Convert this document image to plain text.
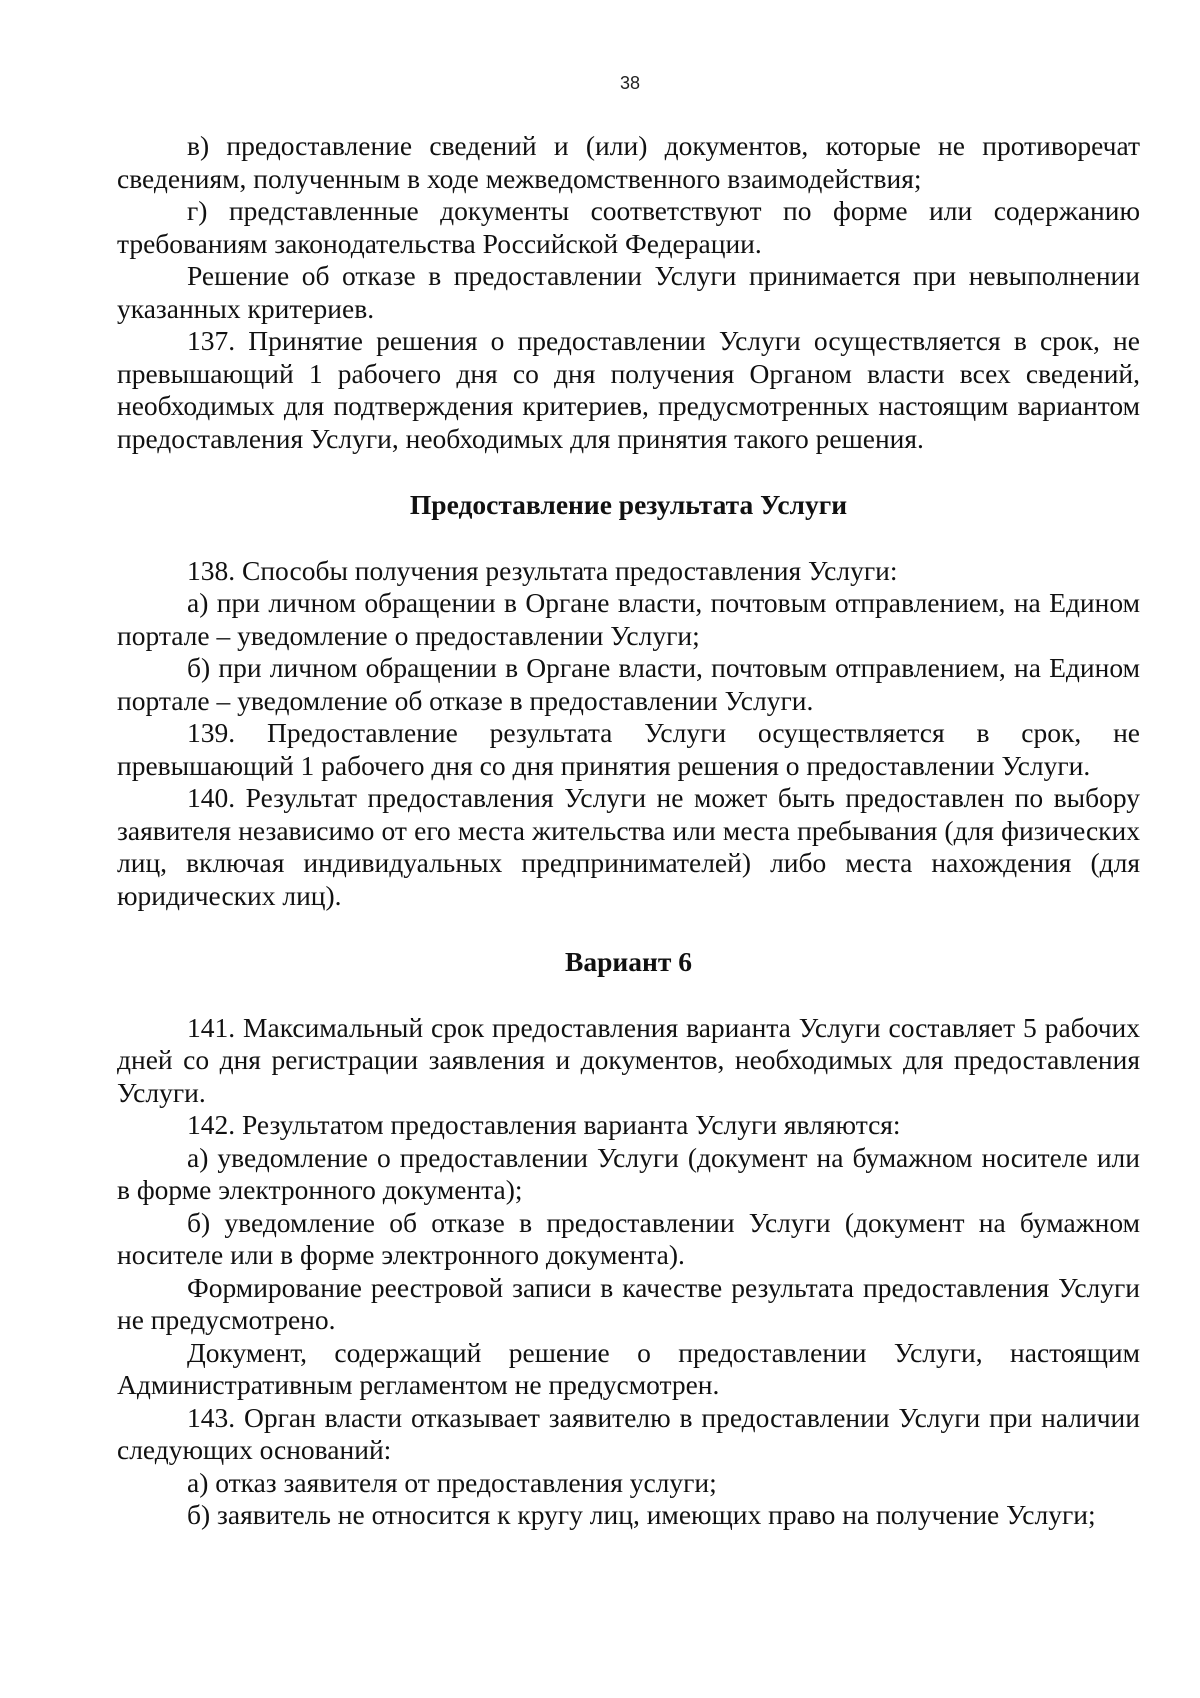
38

в) предоставление сведений и (или) документов, которые не противоречат сведениям, полученным в ходе межведомственного взаимодействия;

г) представленные документы соответствуют по форме или содержанию требованиям законодательства Российской Федерации.

Решение об отказе в предоставлении Услуги принимается при невыполнении указанных критериев.

137. Принятие решения о предоставлении Услуги осуществляется в срок, не превышающий 1 рабочего дня со дня получения Органом власти всех сведений, необходимых для подтверждения критериев, предусмотренных настоящим вариантом предоставления Услуги, необходимых для принятия такого решения.

Предоставление результата Услуги

138. Способы получения результата предоставления Услуги:

а) при личном обращении в Органе власти, почтовым отправлением, на Едином портале – уведомление о предоставлении Услуги;

б) при личном обращении в Органе власти, почтовым отправлением, на Едином портале – уведомление об отказе в предоставлении Услуги.

139. Предоставление результата Услуги осуществляется в срок, не превышающий 1 рабочего дня со дня принятия решения о предоставлении Услуги.

140. Результат предоставления Услуги не может быть предоставлен по выбору заявителя независимо от его места жительства или места пребывания (для физических лиц, включая индивидуальных предпринимателей) либо места нахождения (для юридических лиц).

Вариант 6

141. Максимальный срок предоставления варианта Услуги составляет 5 рабочих дней со дня регистрации заявления и документов, необходимых для предоставления Услуги.

142. Результатом предоставления варианта Услуги являются:

а) уведомление о предоставлении Услуги (документ на бумажном носителе или в форме электронного документа);

б) уведомление об отказе в предоставлении Услуги (документ на бумажном носителе или в форме электронного документа).

Формирование реестровой записи в качестве результата предоставления Услуги не предусмотрено.

Документ, содержащий решение о предоставлении Услуги, настоящим Административным регламентом не предусмотрен.

143. Орган власти отказывает заявителю в предоставлении Услуги при наличии следующих оснований:

а) отказ заявителя от предоставления услуги;

б) заявитель не относится к кругу лиц, имеющих право на получение Услуги;
